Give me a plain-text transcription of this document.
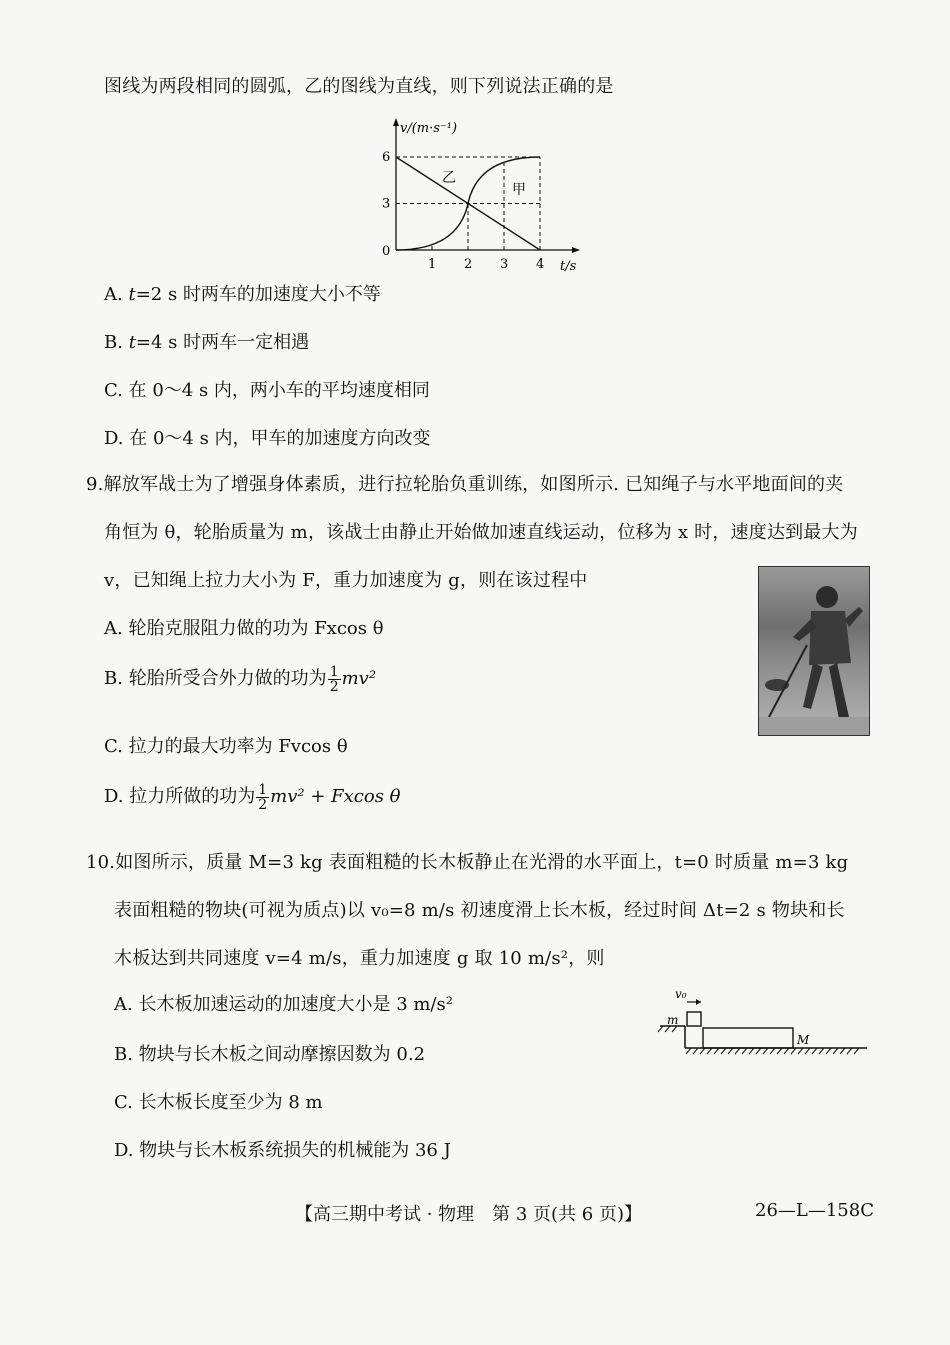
图线为两段相同的圆弧，乙的图线为直线，则下列说法正确的是
6
3
1 2 3 4
v/(m·s⁻¹)
t/s
0
乙
甲
A. t=2 s 时两车的加速度大小不等
B. t=4 s 时两车一定相遇
C. 在 0～4 s 内，两小车的平均速度相同
D. 在 0～4 s 内，甲车的加速度方向改变
9.解放军战士为了增强身体素质，进行拉轮胎负重训练，如图所示. 已知绳子与水平地面间的夹
角恒为 θ，轮胎质量为 m，该战士由静止开始做加速直线运动，位移为 x 时，速度达到最大为
v，已知绳上拉力大小为 F，重力加速度为 g，则在该过程中
A. 轮胎克服阻力做的功为 Fxcos θ
B. 轮胎所受合外力做的功为 $\frac{1}{2} mv^2$
C. 拉力的最大功率为 Fvcos θ
D. 拉力所做的功为 $\frac{1}{2} mv^2 + Fxcos$ θ
10.如图所示，质量 M=3 kg 表面粗糙的长木板静止在光滑的水平面上，t=0 时质量 m=3 kg
表面粗糙的物块(可视为质点)以 v₀=8 m/s 初速度滑上长木板，经过时间 Δt=2 s 物块和长
木板达到共同速度 v=4 m/s，重力加速度 g 取 10 m/s²，则
A. 长木板加速运动的加速度大小是 3 m/s²
B. 物块与长木板之间动摩擦因数为 0.2
C. 长木板长度至少为 8 m
D. 物块与长木板系统损失的机械能为 36 J
v₀
m
M
【高三期中考试 · 物理　第 3 页(共 6 页)】	26—L—158C
